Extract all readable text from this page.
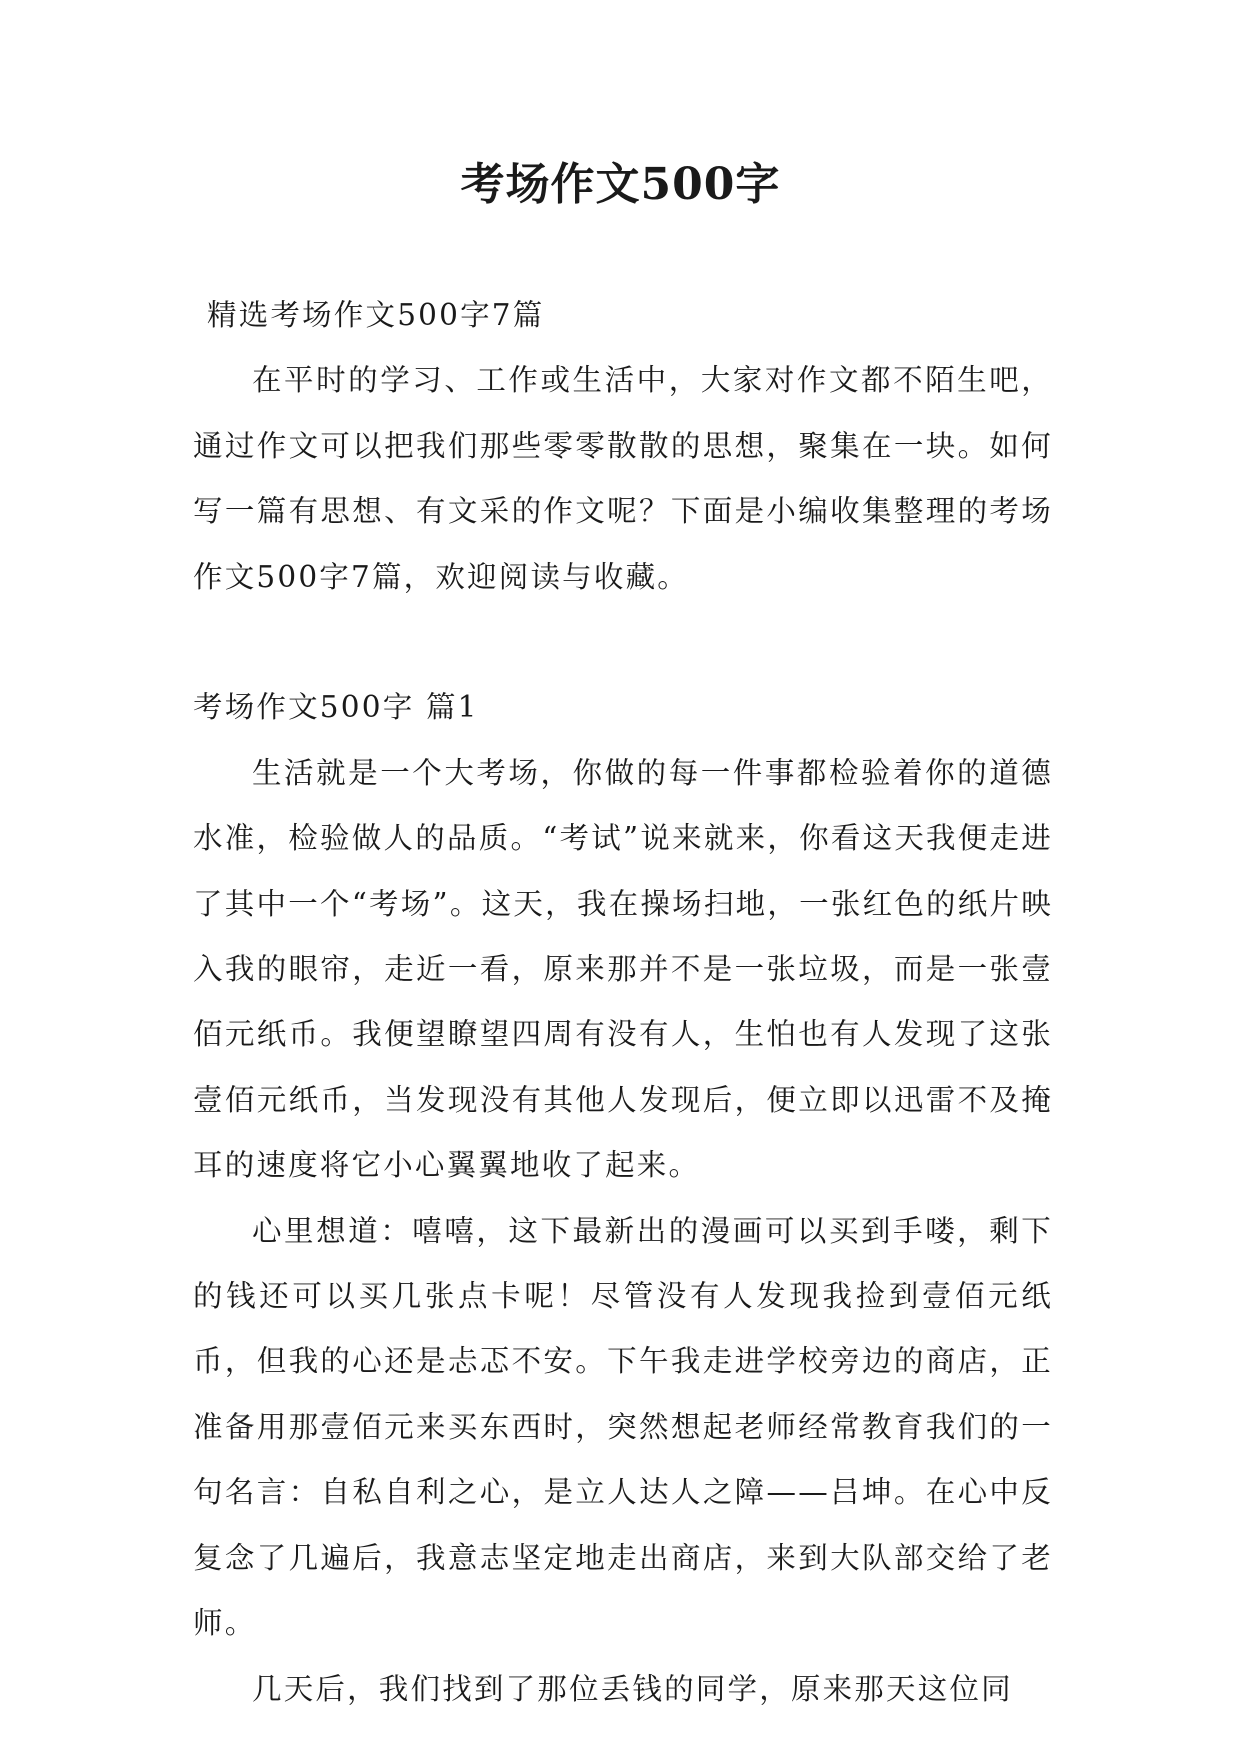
考场作文500字

精选考场作文500字7篇

在平时的学习、工作或生活中，大家对作文都不陌生吧，通过作文可以把我们那些零零散散的思想，聚集在一块。如何写一篇有思想、有文采的作文呢？下面是小编收集整理的考场作文500字7篇，欢迎阅读与收藏。

考场作文500字 篇1

生活就是一个大考场，你做的每一件事都检验着你的道德水准，检验做人的品质。“考试”说来就来，你看这天我便走进了其中一个“考场”。这天，我在操场扫地，一张红色的纸片映入我的眼帘，走近一看，原来那并不是一张垃圾，而是一张壹佰元纸币。我便望瞭望四周有没有人，生怕也有人发现了这张壹佰元纸币，当发现没有其他人发现后，便立即以迅雷不及掩耳的速度将它小心翼翼地收了起来。

心里想道：嘻嘻，这下最新出的漫画可以买到手喽，剩下的钱还可以买几张点卡呢！尽管没有人发现我捡到壹佰元纸币，但我的心还是忐忑不安。下午我走进学校旁边的商店，正准备用那壹佰元来买东西时，突然想起老师经常教育我们的一句名言：自私自利之心，是立人达人之障——吕坤。在心中反复念了几遍后，我意志坚定地走出商店，来到大队部交给了老师。

几天后，我们找到了那位丢钱的同学，原来那天这位同
